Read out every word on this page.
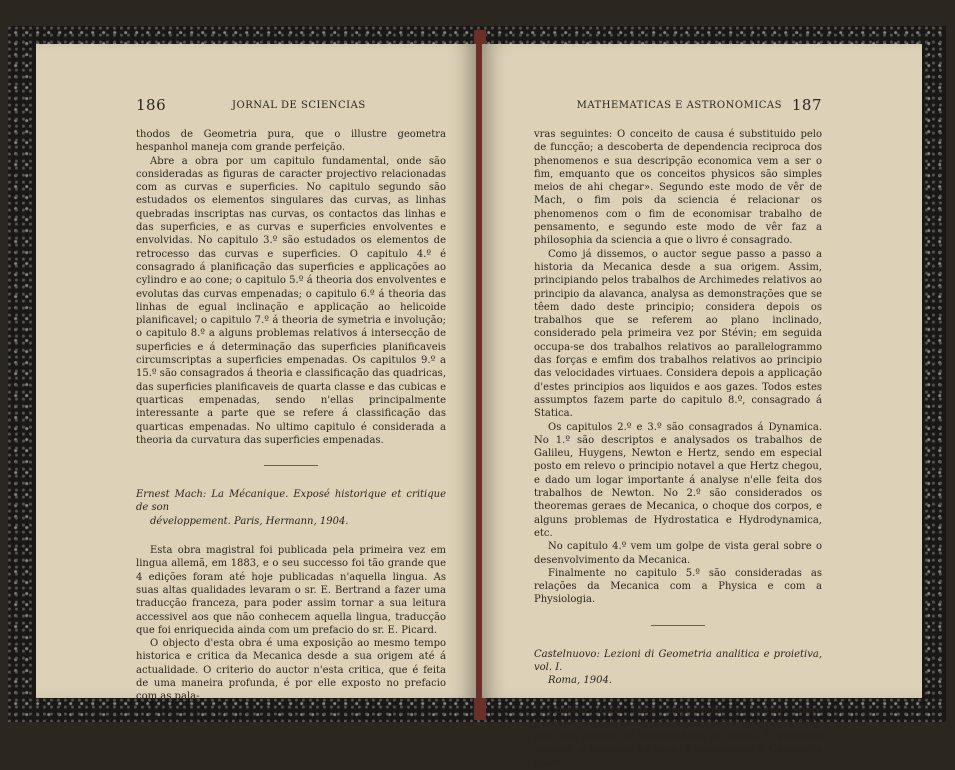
186	JORNAL DE SCIENCIAS

thodos de Geometria pura, que o illustre geometra hespanhol maneja com grande perfeição.

Abre a obra por um capitulo fundamental, onde são consideradas as figuras de caracter projectivo relacionadas com as curvas e superficies. No capitulo segundo são estudados os elementos singulares das curvas, as linhas quebradas inscriptas nas curvas, os contactos das linhas e das superficies, e as curvas e superficies envolventes e envolvidas. No capitulo 3.º são estudados os elementos de retrocesso das curvas e superficies. O capitulo 4.º é consagrado á planificação das superficies e applicações ao cylindro e ao cone; o capitulo 5.º á theoria dos envolventes e evolutas das curvas empenadas; o capitulo 6.º á theoria das linhas de egual inclinação e applicação ao helicoide planificavel; o capitulo 7.º á theoria de symetria e involução; o capitulo 8.º a alguns problemas relativos á intersecção de superficies e á determinação das superficies planificaveis circumscriptas a superficies empenadas. Os capitulos 9.º a 15.º são consagrados á theoria e classificação das quadricas, das superficies planificaveis de quarta classe e das cubicas e quarticas empenadas, sendo n'ellas principalmente interessante a parte que se refere á classificação das quarticas empenadas. No ultimo capitulo é considerada a theoria da curvatura das superficies empenadas.

Ernest Mach: La Mécanique. Exposé historique et critique de son
développement. Paris, Hermann, 1904.

Esta obra magistral foi publicada pela primeira vez em lingua allemã, em 1883, e o seu successo foi tão grande que 4 edições foram até hoje publicadas n'aquella lingua. As suas altas qualidades levaram o sr. E. Bertrand a fazer uma traducção franceza, para poder assim tornar a sua leitura accessivel aos que não conhecem aquella lingua, traducção que foi enriquecida ainda com um prefacio do sr. E. Picard.

O objecto d'esta obra é uma exposição ao mesmo tempo historica e critica da Mecanica desde a sua origem até á actualidade. O criterio do auctor n'esta critica, que é feita de uma maneira profunda, é por elle exposto no prefacio com as pala-

MATHEMATICAS E ASTRONOMICAS 187

vras seguintes: O conceito de causa é substituido pelo de funcção; a descoberta de dependencia reciproca dos phenomenos e sua descripção economica vem a ser o fim, emquanto que os conceitos physicos são simples meios de ahi chegar». Segundo este modo de vêr de Mach, o fim pois da sciencia é relacionar os phenomenos com o fim de economisar trabalho de pensamento, e segundo este modo de vêr faz a philosophia da sciencia a que o livro é consagrado.

Como já dissemos, o auctor segue passo a passo a historia da Mecanica desde a sua origem. Assim, principiando pelos trabalhos de Archimedes relativos ao principio da alavanca, analysa as demonstrações que se têem dado deste principio; considera depois os trabalhos que se referem ao plano inclinado, considerado pela primeira vez por Stévin; em seguida occupa-se dos trabalhos relativos ao parallelogrammo das forças e emfim dos trabalhos relativos ao principio das velocidades virtuaes. Considera depois a applicação d'estes principios aos liquidos e aos gazes. Todos estes assumptos fazem parte do capitulo 8.º, consagrado á Statica.

Os capitulos 2.º e 3.º são consagrados á Dynamica. No 1.º são descriptos e analysados os trabalhos de Galileu, Huygens, Newton e Hertz, sendo em especial posto em relevo o principio notavel a que Hertz chegou, e dado um logar importante á analyse n'elle feita dos trabalhos de Newton. No 2.º são considerados os theoremas geraes de Mecanica, o choque dos corpos, e alguns problemas de Hydrostatica e Hydrodynamica, etc.

No capitulo 4.º vem um golpe de vista geral sobre o desenvolvimento da Mecanica.

Finalmente no capitulo 5.º são consideradas as relações da Mecanica com a Physica e com a Physiologia.

Castelnuovo: Lezioni di Geometria analitica e proietiva, vol. I.
Roma, 1904.

Contém esta obra importante o curso sobre Geometria analytica e sobre Geometria projectiva feito pelo seu auctor na Universidade de Roma. O presente volume, o primeiro da obra, é consagrado á Geometria plana.
